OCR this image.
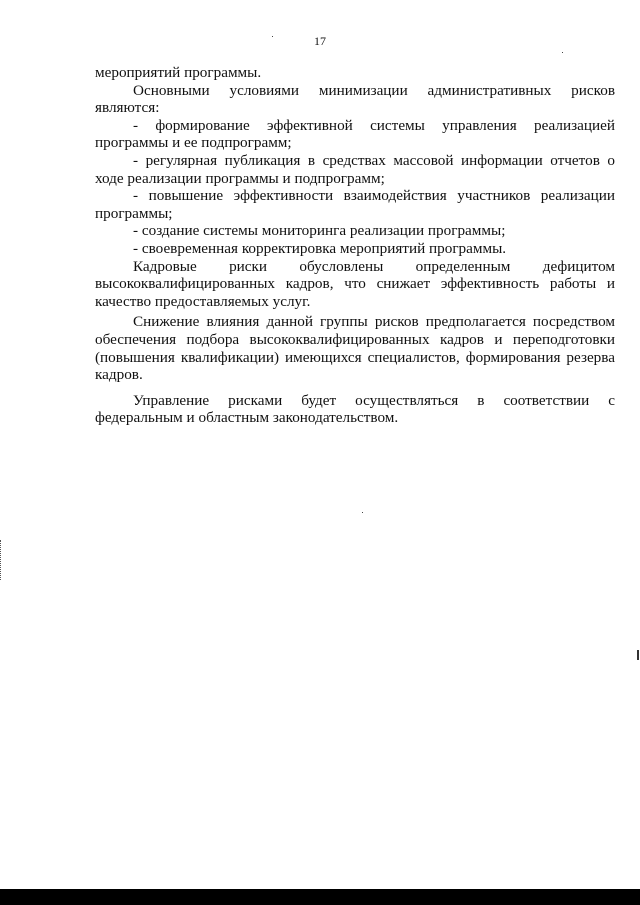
17

мероприятий программы.

Основными условиями минимизации административных рисков являются:

- формирование эффективной системы управления реализацией программы и ее подпрограмм;

- регулярная публикация в средствах массовой информации отчетов о ходе реализации программы и подпрограмм;

- повышение эффективности взаимодействия участников реализации программы;

- создание системы мониторинга реализации программы;

- своевременная корректировка мероприятий программы.

Кадровые риски обусловлены определенным дефицитом высококвалифицированных кадров, что снижает эффективность работы и качество предоставляемых услуг.

Снижение влияния данной группы рисков предполагается посредством обеспечения подбора высококвалифицированных кадров и переподготовки (повышения квалификации) имеющихся специалистов, формирования резерва кадров.

Управление рисками будет осуществляться в соответствии с федеральным и областным законодательством.
